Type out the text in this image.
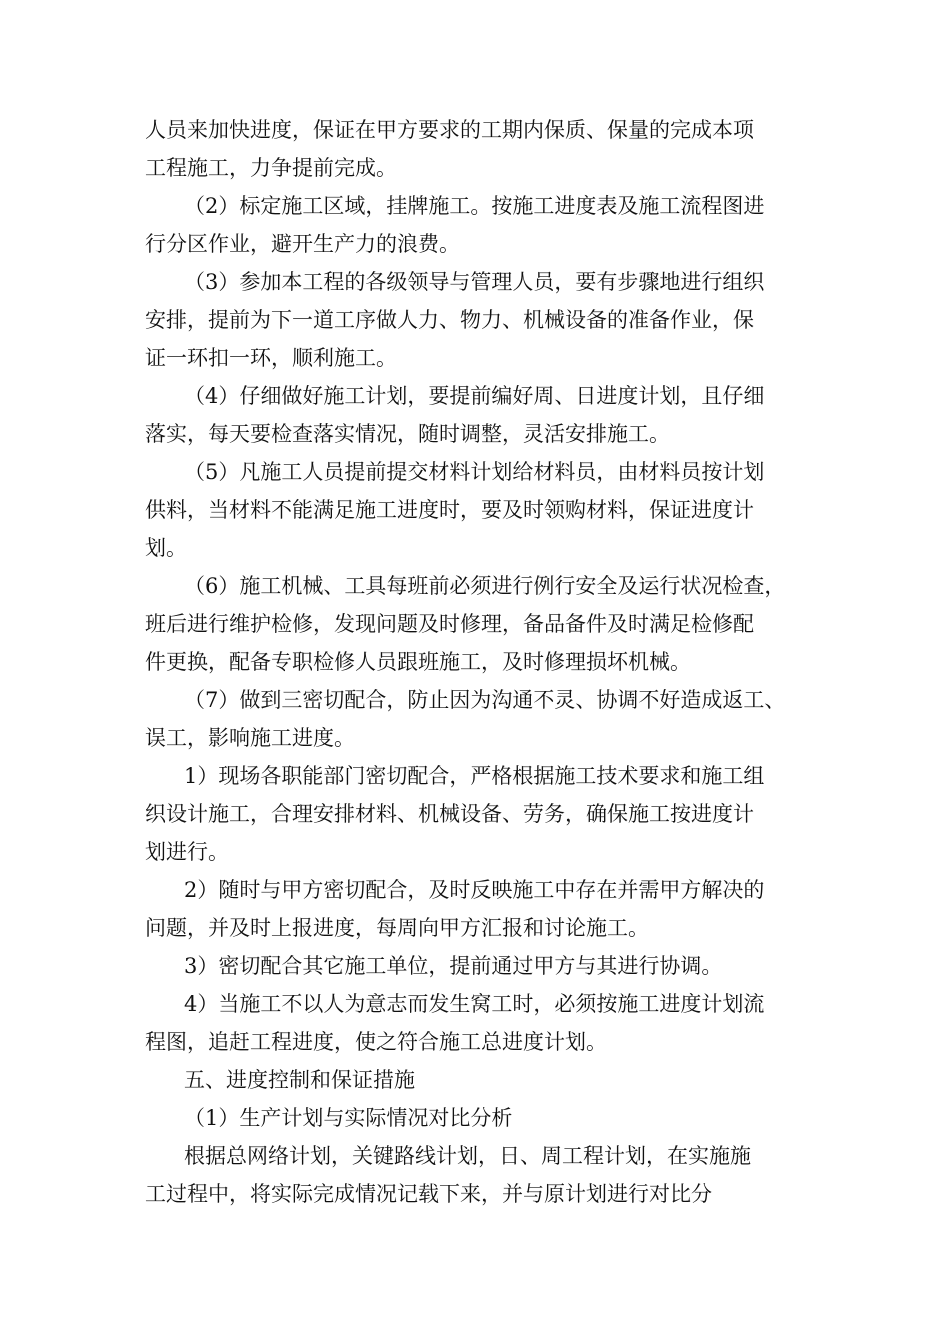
人员来加快进度，保证在甲方要求的工期内保质、保量的完成本项
工程施工，力争提前完成。
（2）标定施工区域，挂牌施工。按施工进度表及施工流程图进
行分区作业，避开生产力的浪费。
（3）参加本工程的各级领导与管理人员，要有步骤地进行组织
安排，提前为下一道工序做人力、物力、机械设备的准备作业，保
证一环扣一环，顺利施工。
（4）仔细做好施工计划，要提前编好周、日进度计划，且仔细
落实，每天要检查落实情况，随时调整，灵活安排施工。
（5）凡施工人员提前提交材料计划给材料员，由材料员按计划
供料，当材料不能满足施工进度时，要及时领购材料，保证进度计
划。
（6）施工机械、工具每班前必须进行例行安全及运行状况检查，
班后进行维护检修，发现问题及时修理，备品备件及时满足检修配
件更换，配备专职检修人员跟班施工，及时修理损坏机械。
（7）做到三密切配合，防止因为沟通不灵、协调不好造成返工、
误工，影响施工进度。
1）现场各职能部门密切配合，严格根据施工技术要求和施工组
织设计施工，合理安排材料、机械设备、劳务，确保施工按进度计
划进行。
2）随时与甲方密切配合，及时反映施工中存在并需甲方解决的
问题，并及时上报进度，每周向甲方汇报和讨论施工。
3）密切配合其它施工单位，提前通过甲方与其进行协调。
4）当施工不以人为意志而发生窝工时，必须按施工进度计划流
程图，追赶工程进度，使之符合施工总进度计划。
五、进度控制和保证措施
（1）生产计划与实际情况对比分析
根据总网络计划，关键路线计划，日、周工程计划，在实施施
工过程中，将实际完成情况记载下来，并与原计划进行对比分
